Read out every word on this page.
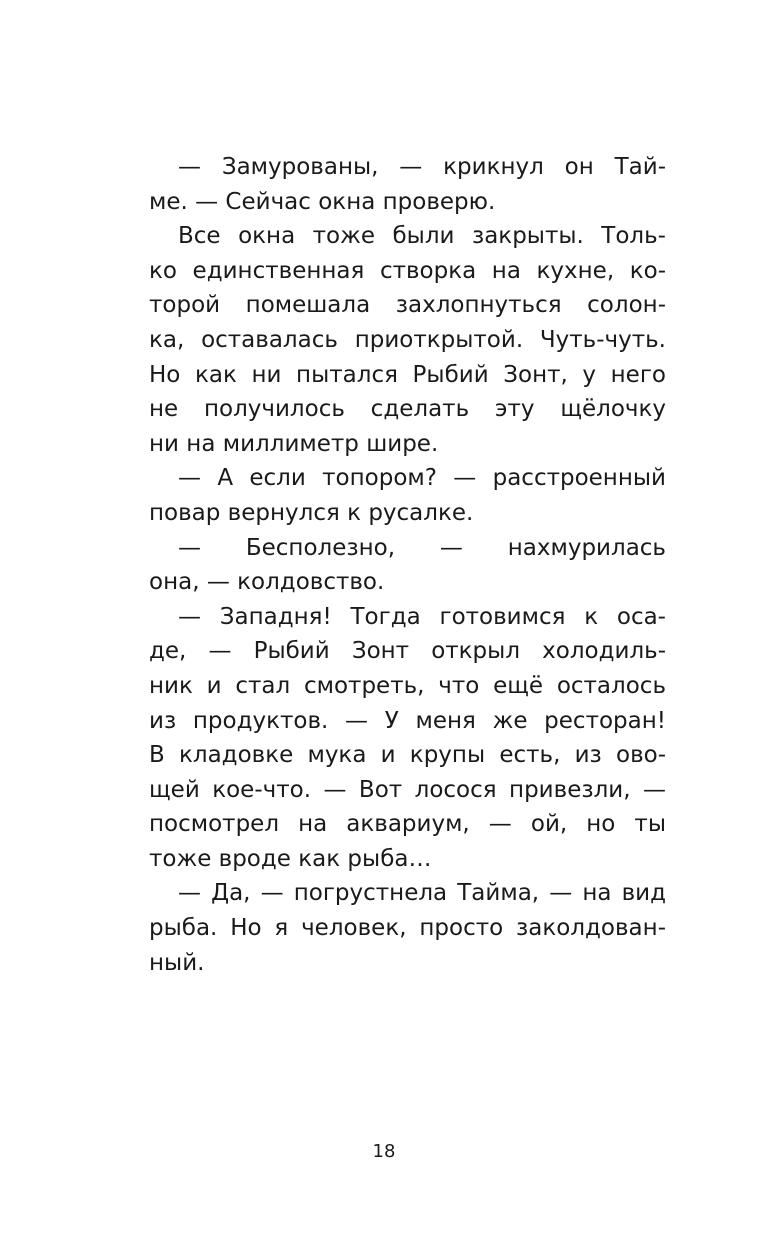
— Замурованы, — крикнул он Тай-
ме. — Сейчас окна проверю.
Все окна тоже были закрыты. Толь-
ко единственная створка на кухне, ко-
торой помешала захлопнуться солон-
ка, оставалась приоткрытой. Чуть-чуть.
Но как ни пытался Рыбий Зонт, у него
не получилось сделать эту щёлочку
ни на миллиметр шире.
— А если топором? — расстроенный
повар вернулся к русалке.
— Бесполезно, — нахмурилась
она, — колдовство.
— Западня! Тогда готовимся к оса-
де, — Рыбий Зонт открыл холодиль-
ник и стал смотреть, что ещё осталось
из продуктов. — У меня же ресторан!
В кладовке мука и крупы есть, из ово-
щей кое-что. — Вот лосося привезли, —
посмотрел на аквариум, — ой, но ты
тоже вроде как рыба…
— Да, — погрустнела Тайма, — на вид
рыба. Но я человек, просто заколдован-
ный.
18
